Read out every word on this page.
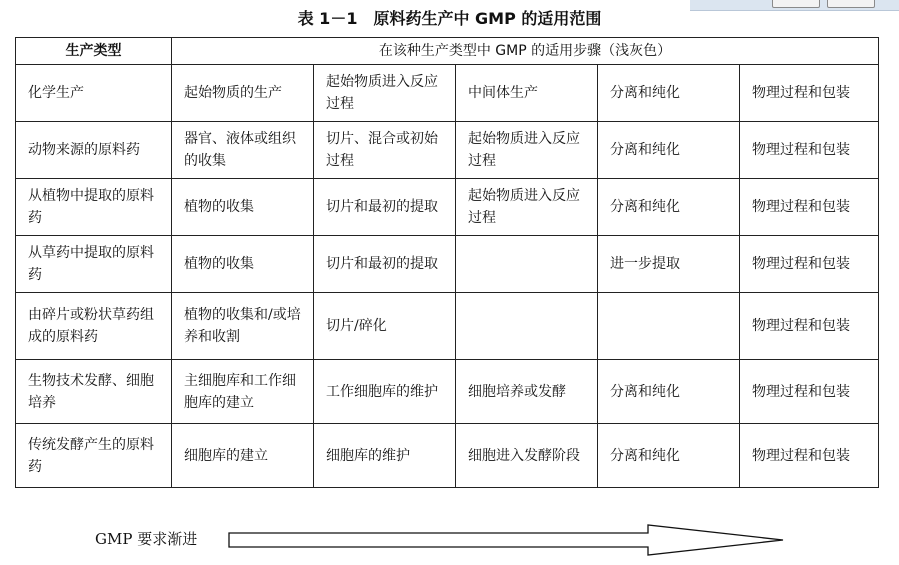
表 1－1　原料药生产中 GMP 的适用范围
生产类型	在该种生产类型中 GMP 的适用步骤（浅灰色）				
化学生产	起始物质的生产	起始物质进入反应过程	中间体生产	分离和纯化	物理过程和包装
动物来源的原料药	器官、液体或组织的收集	切片、混合或初始过程	起始物质进入反应过程	分离和纯化	物理过程和包装
从植物中提取的原料药	植物的收集	切片和最初的提取	起始物质进入反应过程	分离和纯化	物理过程和包装
从草药中提取的原料药	植物的收集	切片和最初的提取		进一步提取	物理过程和包装
由碎片或粉状草药组成的原料药	植物的收集和/或培养和收割	切片/碎化			物理过程和包装
生物技术发酵、细胞培养	主细胞库和工作细胞库的建立	工作细胞库的维护	细胞培养或发酵	分离和纯化	物理过程和包装
传统发酵产生的原料药	细胞库的建立	细胞库的维护	细胞进入发酵阶段	分离和纯化	物理过程和包装
GMP 要求渐进
